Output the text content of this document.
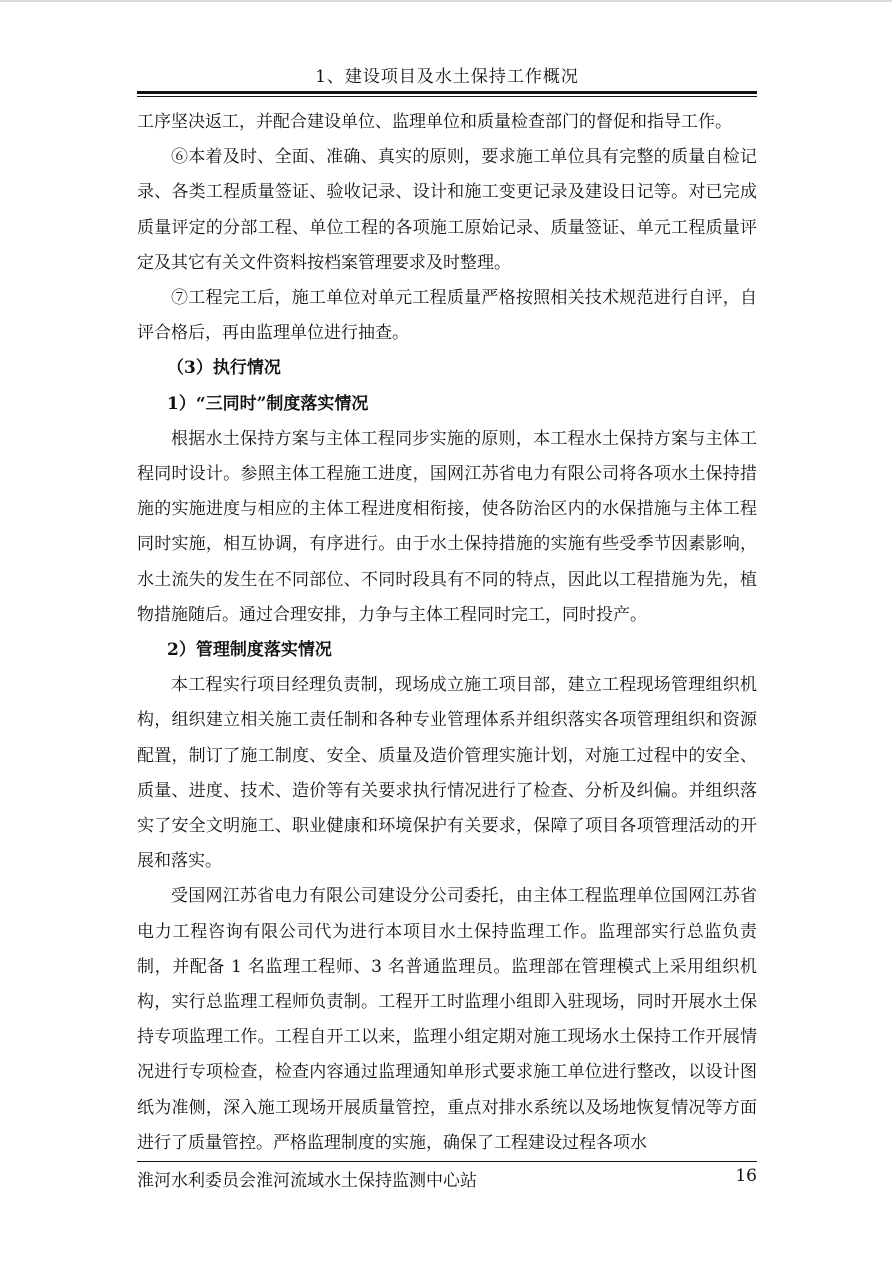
1、建设项目及水土保持工作概况

工序坚决返工，并配合建设单位、监理单位和质量检查部门的督促和指导工作。

⑥本着及时、全面、准确、真实的原则，要求施工单位具有完整的质量自检记录、各类工程质量签证、验收记录、设计和施工变更记录及建设日记等。对已完成质量评定的分部工程、单位工程的各项施工原始记录、质量签证、单元工程质量评定及其它有关文件资料按档案管理要求及时整理。

⑦工程完工后，施工单位对单元工程质量严格按照相关技术规范进行自评，自评合格后，再由监理单位进行抽查。

（3）执行情况

1）“三同时”制度落实情况

根据水土保持方案与主体工程同步实施的原则，本工程水土保持方案与主体工程同时设计。参照主体工程施工进度，国网江苏省电力有限公司将各项水土保持措施的实施进度与相应的主体工程进度相衔接，使各防治区内的水保措施与主体工程同时实施，相互协调，有序进行。由于水土保持措施的实施有些受季节因素影响，水土流失的发生在不同部位、不同时段具有不同的特点，因此以工程措施为先，植物措施随后。通过合理安排，力争与主体工程同时完工，同时投产。

2）管理制度落实情况

本工程实行项目经理负责制，现场成立施工项目部，建立工程现场管理组织机构，组织建立相关施工责任制和各种专业管理体系并组织落实各项管理组织和资源配置，制订了施工制度、安全、质量及造价管理实施计划，对施工过程中的安全、质量、进度、技术、造价等有关要求执行情况进行了检查、分析及纠偏。并组织落实了安全文明施工、职业健康和环境保护有关要求，保障了项目各项管理活动的开展和落实。

受国网江苏省电力有限公司建设分公司委托，由主体工程监理单位国网江苏省电力工程咨询有限公司代为进行本项目水土保持监理工作。监理部实行总监负责制，并配备 1 名监理工程师、3 名普通监理员。监理部在管理模式上采用组织机构，实行总监理工程师负责制。工程开工时监理小组即入驻现场，同时开展水土保持专项监理工作。工程自开工以来，监理小组定期对施工现场水土保持工作开展情况进行专项检查，检查内容通过监理通知单形式要求施工单位进行整改，以设计图纸为准侧，深入施工现场开展质量管控，重点对排水系统以及场地恢复情况等方面进行了质量管控。严格监理制度的实施，确保了工程建设过程各项水

淮河水利委员会淮河流域水土保持监测中心站	16
